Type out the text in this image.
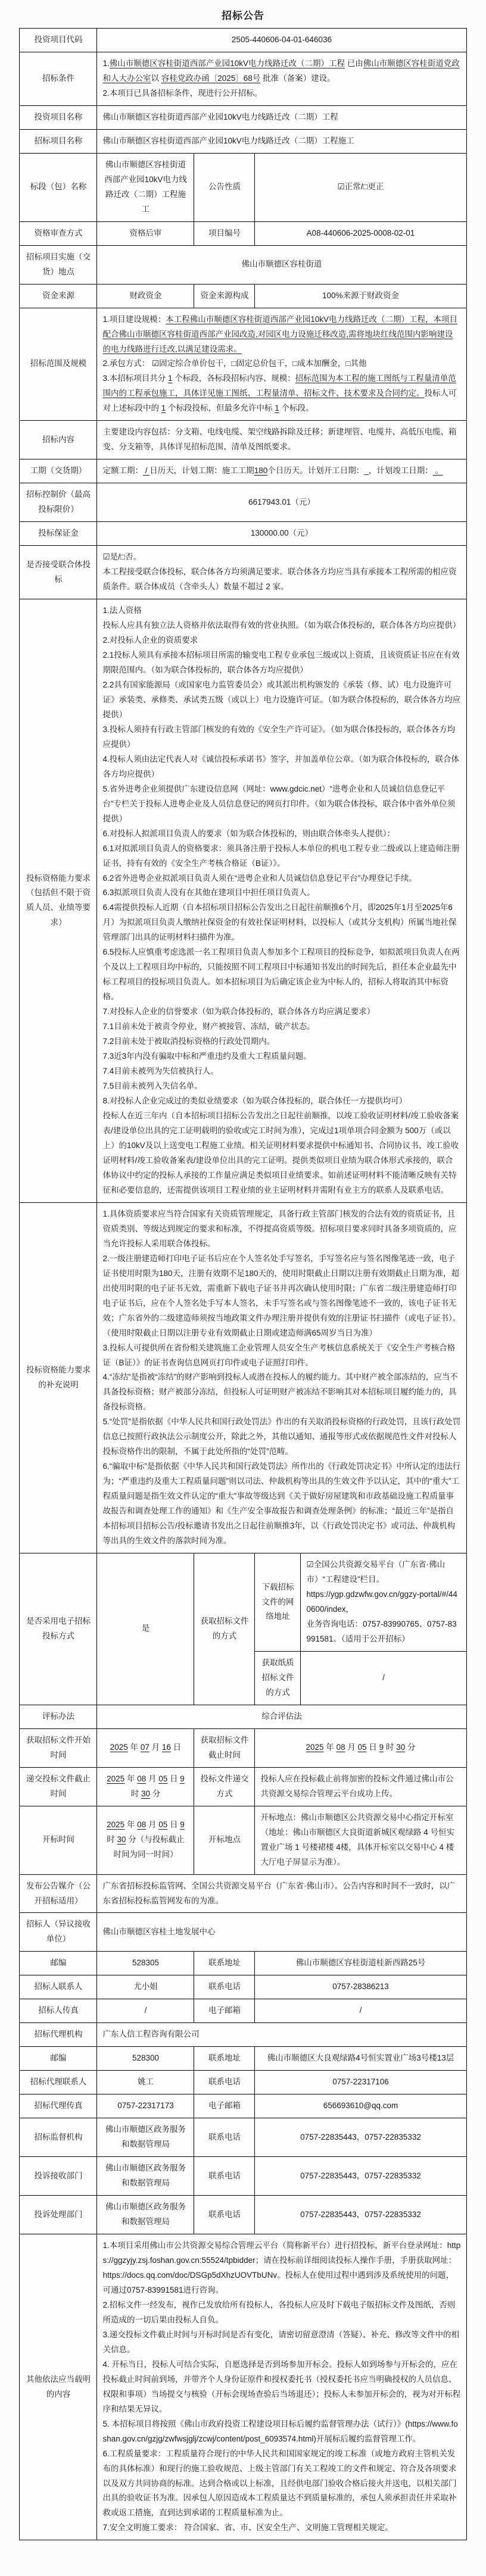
招标公告
投资项目代码	2505-440606-04-01-646036			

招标条件	1.佛山市顺德区容桂街道西部产业园10kV电力线路迁改（二期）工程 已由佛山市顺德区容桂街道党政和人大办公室以 容桂党政办函〔2025〕68号 批准（备案）建设。
2.本项目已具备招标条件，现进行公开招标。			

投资项目名称	佛山市顺德区容桂街道西部产业园10kV电力线路迁改（二期）工程			

招标项目名称	佛山市顺德区容桂街道西部产业园10kV电力线路迁改（二期）工程施工			

标段（包）名称	佛山市顺德区容桂街道西部产业园10kV电力线路迁改（二期）工程施工	公告性质	☑正常/□更正	

资格审查方式	资格后审	项目编号	A08-440606-2025-0008-02-01	

招标项目实施（交货）地点	佛山市顺德区容桂街道			

资金来源	财政资金	资金来源构成	100%来源于财政资金	

招标范围及规模	1.项目建设规模：本工程佛山市顺德区容桂街道西部产业园10kV电力线路迁改（二期）工程，本项目配合佛山市顺德区容桂街道西部产业园改造,对园区电力设施迁移改造,需将地块红线范围内影响建设的电力线路进行迁改,以满足建设需求。
2.承包方式： ☑固定综合单价包干，□固定总价包干，□成本加酬金，□其他
3.本招标项目共分 1 个标段，各标段招标内容、规模：招标范围为本工程的施工图纸与工程量清单范围内的工程承包施工，具体详见施工图纸、工程量清单、招标文件、技术要求及合同约定。投标人可对上述标段中的 1 个标段投标，但最多允许中标 1 个标段。			

招标内容	主要建设内容包括：分支箱、电线电缆、架空线路拆除及迁移；新建埋管、电缆井、高低压电缆、箱变、分支箱等，具体详见招标范围、清单及图纸要求。			

工期（交货期）	定额工期： / 日历天，计划工期：施工工期180个日历天。计划开工日期：_，计划竣工日期： 。			

招标控制价（最高投标限价）	6617943.01（元）			

投标保证金	130000.00（元）			

是否接受联合体投标	☑是/□否。
本工程接受联合体投标，联合体各方均须满足要求。联合体各方均应当具有承接本工程所需的相应资质条件。联合体成员（含牵头人）数量不超过 2 家。			

投标资格能力要求（包括但不限于资质人员、业绩等要求）

1.法人资格
投标人应具有独立法人资格并依法取得有效的营业执照。（如为联合体投标的，联合体各方均应提供）
2.对投标人企业的资质要求
2.1投标人须具有承接本招标项目所需的输变电工程专业承包三级或以上资质，且该资质证书应在有效期限范围内。（如为联合体投标的，联合体各方均应提供）
2.2具有国家能源局（或国家电力监管委员会）或其派出机构颁发的《承装（修、试）电力设施许可证》承装类、承修类、承试类五级（或以上）电力设施许可证。（如为联合体投标的，联合体各方均应提供）
3.投标人须持有行政主管部门核发的有效的《安全生产许可证》。（如为联合体投标的，联合体各方均应提供）
4.投标人须由法定代表人对《诚信投标承诺书》签字，并加盖单位公章。（如为联合体投标的，联合体各方均应提供）
5.省外进粤企业须提供广东建设信息网（网址：www.gdcic.net）“进粤企业和人员诚信信息登记平台”专栏关于投标人进粤企业及人员信息登记的网页打印件。（如为联合体投标，联合体中省外单位须提供）
6.对投标人拟派项目负责人的要求（如为联合体投标的，则由联合体牵头人提供）：
6.1对拟派项目负责人的资格要求：须具备注册于投标人本单位的机电工程专业二级或以上建造师注册证书，持有有效的《安全生产考核合格证（B证）》。
6.2省外进粤企业拟派项目负责人须在“进粤企业和人员诚信信息登记平台”办理登记手续。
6.3拟派项目负责人没有在其他在建项目中担任项目负责人。
6.4需提供投标人近期（自本招标项目招标公告发出之日起往前顺推6个月，即2025年1月至2025年6月）为拟派项目负责人缴纳社保资金的有效社保证明材料，以投标人（或其分支机构）所属当地社保管理部门出具的证明材料扫描件为准。
6.5投标人应慎重考虑选派一名工程项目负责人参加多个工程项目的投标竞争，如拟派项目负责人在两个及以上工程项目均中标的，只能按照不同工程项目中标通知书发出的时间先后，担任本企业最先中标工程项目的投标项目负责人。如本招标项目为后确定该企业为中标人的，招标人将取消其中标资格。
7.对投标人企业的信誉要求（如为联合体投标的，联合体各方均应满足要求）
7.1目前未处于被责令停业，财产被接管、冻结，破产状态。
7.2目前未处于被取消投标资格的行政处罚期内。
7.3近3年内没有骗取中标和严重违约及重大工程质量问题。
7.4目前未被列为失信被执行人。
7.5目前未被列入失信名单。
8.对投标人企业完成过的类似业绩要求（如为联合体投标的，联合体任一方提供均可）
投标人在近三年内（自本招标项目招标公告发出之日起往前顺推，以竣工验收证明材料/竣工验收备案表/建设单位出具的完工证明载明的验收或完工时间为准），完成过1项单项合同金额为 500万（或以上）的10kV及以上送变电工程施工业绩。相关证明材料要求提供中标通知书、合同协议书、竣工验收证明材料/竣工验收备案表/建设单位出具的完工证明。提供类似项目业绩为联合体形式承接的，联合体协议中约定的投标人承接的工作量应满足类似项目业绩要求。如前述证明材料不能清晰反映有关特征和必要信息的，还需提供该项目工程业绩的业主证明材料并需附有业主方的联系人及联系电话。

投标资格能力要求的补充说明

1.具体资质要求应当符合国家有关资质管理规定，具备行政主管部门核发的合法有效的资质证书，且资质类别、等级达到规定的要求和标准，不得提高资质等级。招标项目要求同时具备多项资质的，应当允许投标人采用联合体投标。
2.一级注册建造师打印电子证书后应在个人签名处手写签名，手写签名应与签名图像笔迹一致，电子证书使用时限为180天，注册有效期不足180天的，使用时限截止日期以注册有效期截止日期为准，超出使用时限的电子证书无效，需重新下载电子证书并再次确认使用时限；广东省二级注册建造师打印电子证书后，应在个人签名处手写本人签名，未手写签名或与签名图像笔迹不一致的，该电子证书无效；广东省外的二级建造师须按当地政策文件办理注册并提供有效的注册证书扫描件（或电子证书）。（使用时限截止日期以注册专业有效期截止日期或建造师满65周岁当日为准）
3.投标人可提供所在省份相关建筑施工企业管理人员安全生产考核信息系统关于《安全生产考核合格证（B证）》的证书查询信息网页打印件或电子证照打印件。
4.“冻结”是指被“冻结”的财产影响到投标人或潜在投标人的履约能力。其中财产被全部冻结的，应当不具备投标资格；财产被部分冻结，但投标人可证明财产被冻结不影响其对本招标项目履约能力的，具备投标资格。
5.“处罚”是指依据《中华人民共和国行政处罚法》作出的有关取消投标资格的行政处罚，且该行政处罚信息已按照行政执法公示制度公开，除此之外，其他以通知、通报等形式或依据规范性文件对投标人投标资格作出的限制，不属于此处所指的“处罚”范畴。
6.“骗取中标”是指依据《中华人民共和国行政处罚法》所作出的《行政处罚决定书》中所认定的违法行为；“严重违约及重大工程质量问题”则以司法、仲裁机构等出具的生效文件予以认定，其中的“重大”工程质量问题是指生效文件认定的“重大”事故等级达到《关于做好房屋建筑和市政基础设施工程质量事故报告和调查处理工作的通知》和《生产安全事故报告和调查处理条例》的标准；“最近三年”是指自本招标项目招标公告/投标邀请书发出之日起往前顺推3年，以《行政处罚决定书》或司法、仲裁机构等出具的生效文件的落款时间为准。

是否采用电子招标投标方式	是	获取招标文件的方式	下载招标文件的网络地址	☑全国公共资源交易平台（广东省·佛山市）“工程建设”栏目。
https://ygp.gdzwfw.gov.cn/ggzy-portal/#/440600/index，
业务咨询电话：0757-83990765、0757-83991581。（适用于公开招标）

			获取纸质招标文件的方式	/

评标办法	综合评估法			

获取招标文件开始时间	2025 年 07 月 16 日	获取招标文件截止时间	2025 年 08 月 05 日 9 时 30 分	

递交投标文件截止时间	2025 年 08 月 05 日 9 时 30 分	投标文件递交方式	投标人应在投标截止前将加密的投标文件通过佛山市公共资源交易综合管理云平台成功上传。	

开标时间	2025 年 08 月 05 日 9 时 30 分（与投标截止时间为同一时间）	开标地点	开标地点：佛山市顺德区公共资源交易中心指定开标室（地址：佛山市顺德区大良街道新城区观绿路 4 号恒实置业广场 1 号楼裙楼 4楼，具体开标室以交易中心 4 楼大厅电子屏显示为准）。	

发布公告媒介（公开招标适用）	广东省招标投标监管网、全国公共资源交易平台（广东省·佛山市）。公告内容和时间不一致时，以广东省招标投标监管网发布的为准。			

招标人（异议接收单位）	佛山市顺德区容桂土地发展中心			

邮编	528305	联系地址	佛山市顺德区容桂街道桂新西路25号	

招标人联系人	尤小姐	联系电话	0757-28386213	

招标人传真	/	电子邮箱	/	

招标代理机构	广东人信工程咨询有限公司			

邮编	528300	联系地址	佛山市顺德区大良观绿路4号恒实置业广场3号楼13层	

招标代理联系人	姚工	联系电话	0757-22317106	

招标代理传真	0757-22317173	电子邮箱	656693610@qq.com	

招标监督机构	佛山市顺德区政务服务和数据管理局	联系电话	0757-22835443，0757-22835332	

投诉接收部门	佛山市顺德区政务服务和数据管理局	联系电话	0757-22835443，0757-22835332	

投诉处理部门	佛山市顺德区政务服务和数据管理局	联系电话	0757-22835443，0757-22835332	

其他依法应当载明的内容

1.本项目采用佛山市公共资源交易综合管理云平台（简称新平台）进行招投标，新平台登录网址：https://ggzyjy.zsj.foshan.gov.cn:55524/tpbidder；请在投标前详细阅读投标人操作手册，手册获取网址：https://docs.qq.com/doc/DSGp5dXhzUOVTbUNv。投标人在使用过程中遇到涉及系统使用的问题，可通过0757-83991581进行咨询。
2.招标文件一经发布，视作已发放给所有投标人，各投标人应及时下载电子版招标文件及图纸，否则所造成的一切后果由投标人自负。
3.递交投标文件截止时间与开标时间是否有变化，请密切留意澄清（答疑）、补充、修改等文件中的相关信息。
4. 开标当日，投标人可结合实际，自愿选择是否到场参加开标会。投标人如到场参与开标会的，应在投标截止时间前到场，并带齐个人身份证原件和授权委托书（授权委托书应当明确授权的人员信息、权限和事项）当场提交与核验（开标会现场查验后当场退还）；投标人未参加开标会的，视为对开标程序和结果无异议。
5. 本招标项目将按照《佛山市政府投资工程建设项目标后履约监督管理办法（试行）》(https://www.foshan.gov.cn/gzjg/zwfwsjglj/zcwj/content/post_6093574.html)开展标后履约监督管理工作。
6.工程质量要求：工程质量符合现行的中华人民共和国国家规定的竣工标准（或地方政府主管机关发布的具体标准）和现行的施工验收规范、上级主管部门有关工程竣工的文件和规定、符合及各项要求以及双方共同协商的标准。达到合格或以上标准，且经供电部门验收合格后接火并送电，以相关部门出具的验收证书为准。因承包人原因造成本工程质量达不到质量标准的，承包人须承担责任并采取补救或返工措施，直到达到承诺的工程质量标准为止。
7.安全文明施工要求： 符合国家、省、市、区安全生产、文明施工管理相关规定。
